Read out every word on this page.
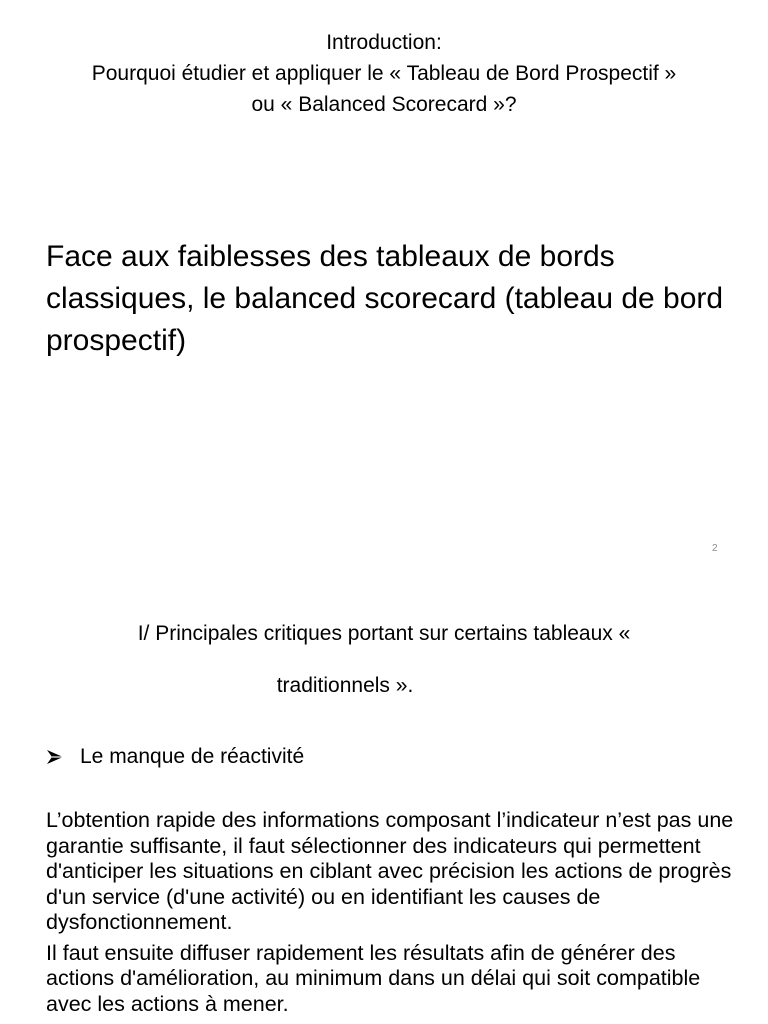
Introduction:
Pourquoi étudier et appliquer le « Tableau de Bord Prospectif »
ou « Balanced Scorecard »?
Face aux faiblesses des tableaux de bords classiques, le balanced scorecard (tableau de bord prospectif)
2
I/ Principales critiques portant sur certains tableaux «
traditionnels ».
Le manque de réactivité

L’obtention rapide des informations composant l’indicateur n’est pas une garantie suffisante, il faut sélectionner des indicateurs qui permettent d'anticiper les situations en ciblant avec précision les actions de progrès d'un service (d'une activité) ou en identifiant les causes de dysfonctionnement.

Il faut ensuite diffuser rapidement les résultats afin de générer des actions d'amélioration, au minimum dans un délai qui soit compatible avec les actions à mener.
